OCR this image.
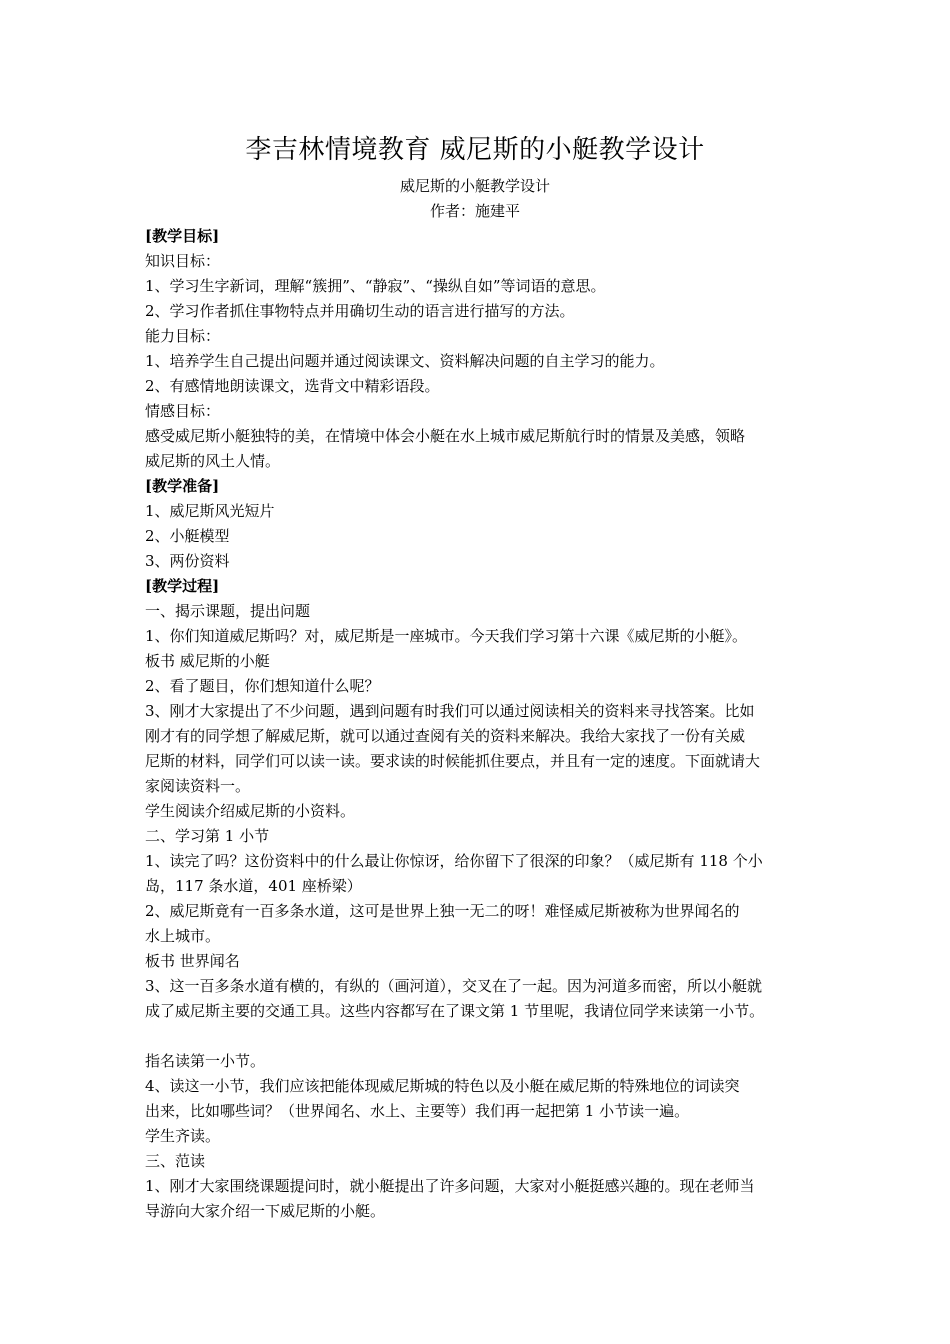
李吉林情境教育 威尼斯的小艇教学设计
威尼斯的小艇教学设计
作者：施建平

[教学目标]

知识目标：

1、学习生字新词，理解“簇拥”、“静寂”、“操纵自如”等词语的意思。

2、学习作者抓住事物特点并用确切生动的语言进行描写的方法。

能力目标：

1、培养学生自己提出问题并通过阅读课文、资料解决问题的自主学习的能力。

2、有感情地朗读课文，选背文中精彩语段。

情感目标：

感受威尼斯小艇独特的美，在情境中体会小艇在水上城市威尼斯航行时的情景及美感，领略

威尼斯的风土人情。

[教学准备]

1、威尼斯风光短片

2、小艇模型

3、两份资料

[教学过程]

一、揭示课题，提出问题

1、你们知道威尼斯吗？对，威尼斯是一座城市。今天我们学习第十六课《威尼斯的小艇》。

板书 威尼斯的小艇

2、看了题目，你们想知道什么呢？

3、刚才大家提出了不少问题，遇到问题有时我们可以通过阅读相关的资料来寻找答案。比如

刚才有的同学想了解威尼斯，就可以通过查阅有关的资料来解决。我给大家找了一份有关威

尼斯的材料，同学们可以读一读。要求读的时候能抓住要点，并且有一定的速度。下面就请大

家阅读资料一。

学生阅读介绍威尼斯的小资料。

二、学习第 1 小节

1、读完了吗？这份资料中的什么最让你惊讶，给你留下了很深的印象？（威尼斯有 118 个小

岛，117 条水道，401 座桥梁）

2、威尼斯竟有一百多条水道，这可是世界上独一无二的呀！难怪威尼斯被称为世界闻名的

水上城市。

板书 世界闻名

3、这一百多条水道有横的，有纵的（画河道），交叉在了一起。因为河道多而密，所以小艇就

成了威尼斯主要的交通工具。这些内容都写在了课文第 1 节里呢，我请位同学来读第一小节。

指名读第一小节。

4、读这一小节，我们应该把能体现威尼斯城的特色以及小艇在威尼斯的特殊地位的词读突

出来，比如哪些词？（世界闻名、水上、主要等）我们再一起把第 1 小节读一遍。

学生齐读。

三、范读

1、刚才大家围绕课题提问时，就小艇提出了许多问题，大家对小艇挺感兴趣的。现在老师当

导游向大家介绍一下威尼斯的小艇。
